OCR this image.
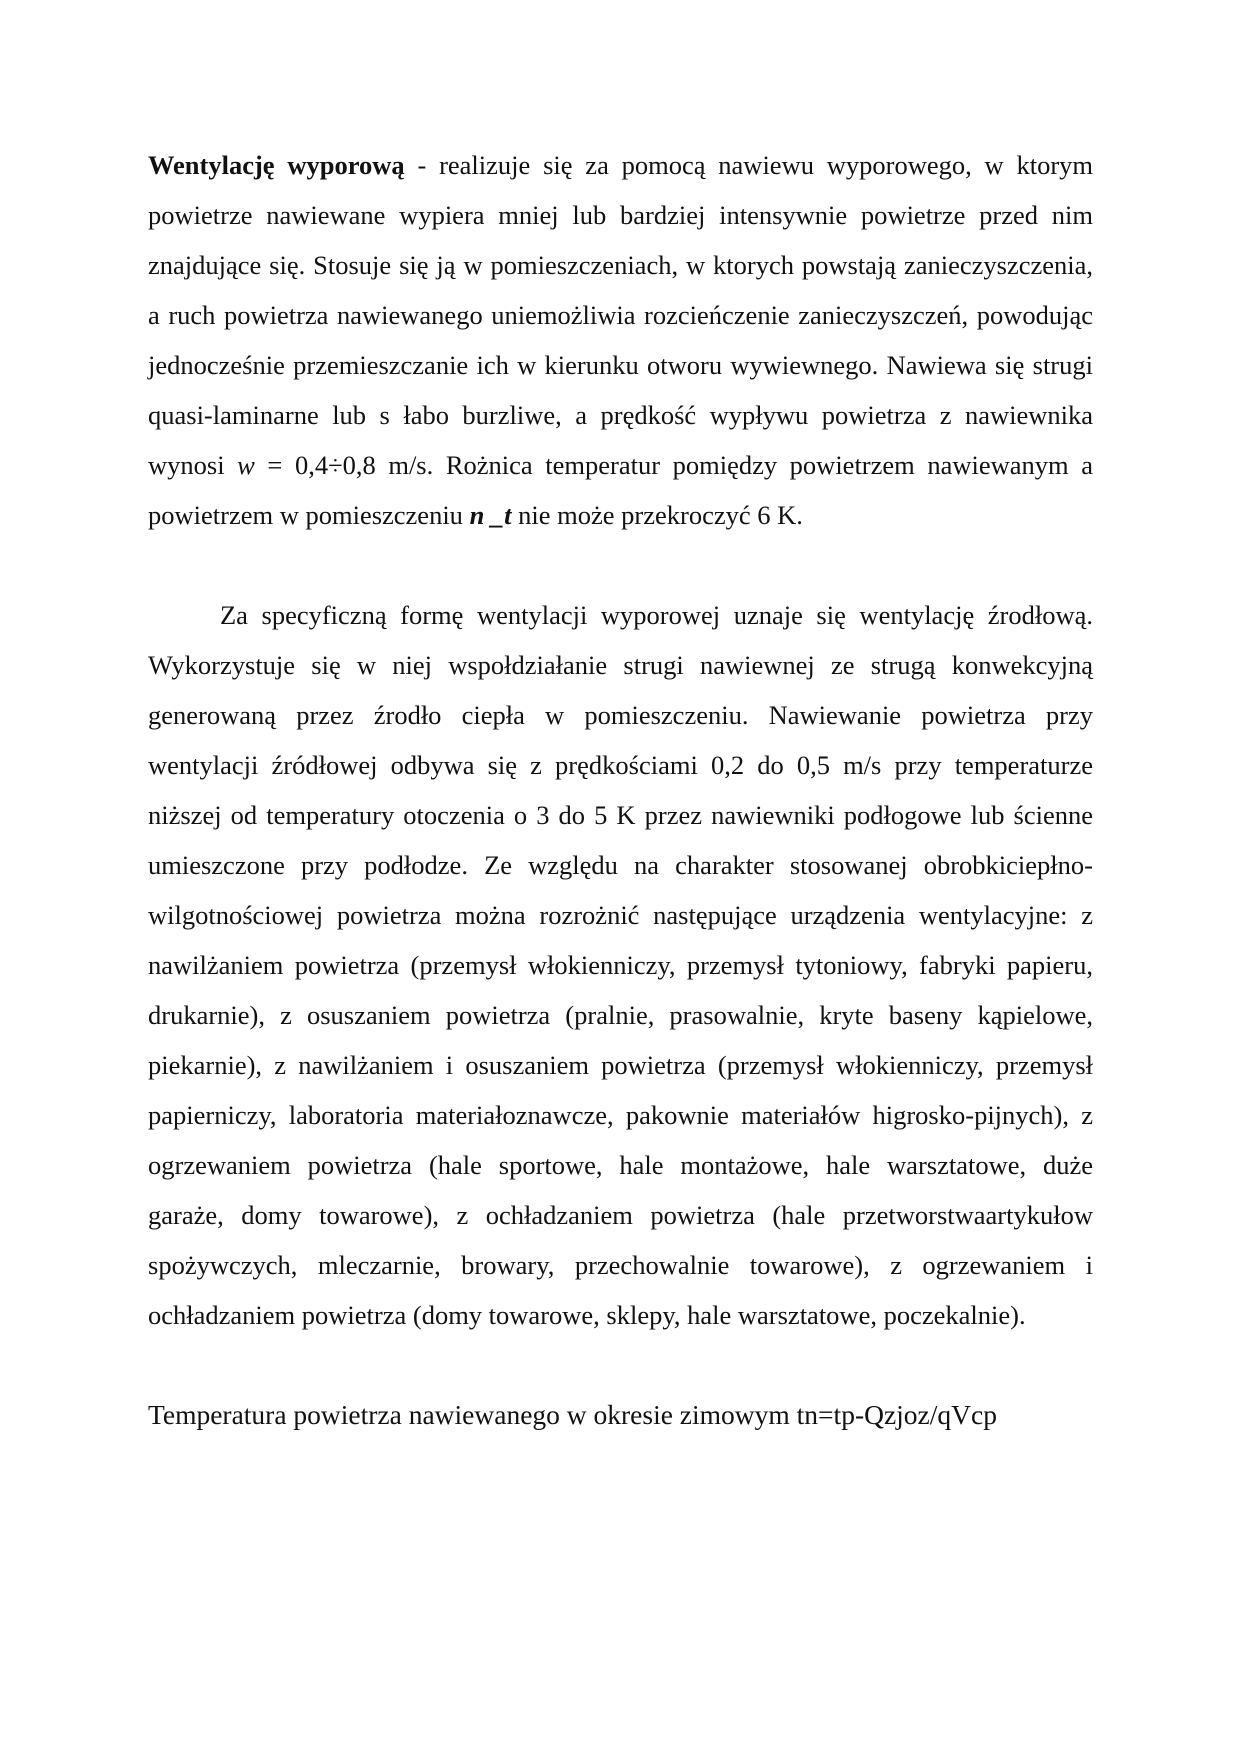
Wentylację wyporową - realizuje się za pomocą nawiewu wyporowego, w ktorym powietrze nawiewane wypiera mniej lub bardziej intensywnie powietrze przed nim znajdujące się. Stosuje się ją w pomieszczeniach, w ktorych powstają zanieczyszczenia, a ruch powietrza nawiewanego uniemożliwia rozcieńczenie zanieczyszczeń, powodując jednocześnie przemieszczanie ich w kierunku otworu wywiewnego. Nawiewa się strugi quasi-laminarne lub s łabo burzliwe, a prędkość wypływu powietrza z nawiewnika wynosi w = 0,4÷0,8 m/s. Rożnica temperatur pomiędzy powietrzem nawiewanym a powietrzem w pomieszczeniu n _t nie może przekroczyć 6 K.

Za specyficzną formę wentylacji wyporowej uznaje się wentylację źrodłową. Wykorzystuje się w niej wspołdziałanie strugi nawiewnej ze strugą konwekcyjną generowaną przez źrodło ciepła w pomieszczeniu. Nawiewanie powietrza przy wentylacji źródłowej odbywa się z prędkościami 0,2 do 0,5 m/s przy temperaturze niższej od temperatury otoczenia o 3 do 5 K przez nawiewniki podłogowe lub ścienne umieszczone przy podłodze. Ze względu na charakter stosowanej obrobkiciepłno-wilgotnościowej powietrza można rozrożnić następujące urządzenia wentylacyjne: z nawilżaniem powietrza (przemysł włokienniczy, przemysł tytoniowy, fabryki papieru, drukarnie), z osuszaniem powietrza (pralnie, prasowalnie, kryte baseny kąpielowe, piekarnie), z nawilżaniem i osuszaniem powietrza (przemysł włokienniczy, przemysł papierniczy, laboratoria materiałoznawcze, pakownie materiałów higrosko-pijnych), z ogrzewaniem powietrza (hale sportowe, hale montażowe, hale warsztatowe, duże garaże, domy towarowe), z ochładzaniem powietrza (hale przetworstwaartykułow spożywczych, mleczarnie, browary, przechowalnie towarowe), z ogrzewaniem i ochładzaniem powietrza (domy towarowe, sklepy, hale warsztatowe, poczekalnie).

Temperatura powietrza nawiewanego w okresie zimowym tn=tp-Qzjoz/qVcp
